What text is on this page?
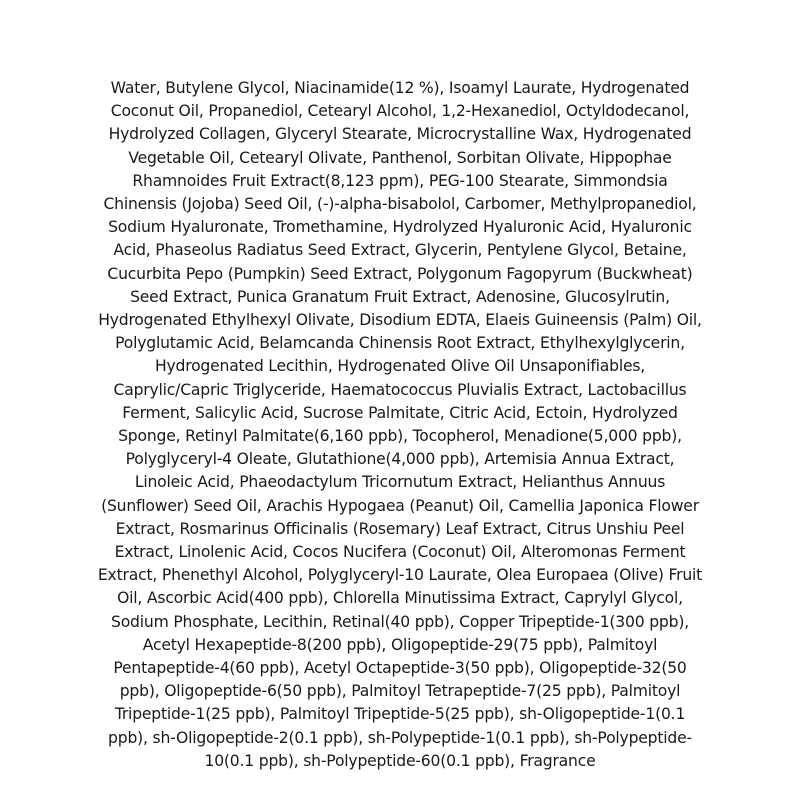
Water, Butylene Glycol, Niacinamide(12 %), Isoamyl Laurate, Hydrogenated
Coconut Oil, Propanediol, Cetearyl Alcohol, 1,2-Hexanediol, Octyldodecanol,
Hydrolyzed Collagen, Glyceryl Stearate, Microcrystalline Wax, Hydrogenated
Vegetable Oil, Cetearyl Olivate, Panthenol, Sorbitan Olivate, Hippophae
Rhamnoides Fruit Extract(8,123 ppm), PEG-100 Stearate, Simmondsia
Chinensis (Jojoba) Seed Oil, (-)-alpha-bisabolol, Carbomer, Methylpropanediol,
Sodium Hyaluronate, Tromethamine, Hydrolyzed Hyaluronic Acid, Hyaluronic
Acid, Phaseolus Radiatus Seed Extract, Glycerin, Pentylene Glycol, Betaine,
Cucurbita Pepo (Pumpkin) Seed Extract, Polygonum Fagopyrum (Buckwheat)
Seed Extract, Punica Granatum Fruit Extract, Adenosine, Glucosylrutin,
Hydrogenated Ethylhexyl Olivate, Disodium EDTA, Elaeis Guineensis (Palm) Oil,
Polyglutamic Acid, Belamcanda Chinensis Root Extract, Ethylhexylglycerin,
Hydrogenated Lecithin, Hydrogenated Olive Oil Unsaponifiables,
Caprylic/Capric Triglyceride, Haematococcus Pluvialis Extract, Lactobacillus
Ferment, Salicylic Acid, Sucrose Palmitate, Citric Acid, Ectoin, Hydrolyzed
Sponge, Retinyl Palmitate(6,160 ppb), Tocopherol, Menadione(5,000 ppb),
Polyglyceryl-4 Oleate, Glutathione(4,000 ppb), Artemisia Annua Extract,
Linoleic Acid, Phaeodactylum Tricornutum Extract, Helianthus Annuus
(Sunflower) Seed Oil, Arachis Hypogaea (Peanut) Oil, Camellia Japonica Flower
Extract, Rosmarinus Officinalis (Rosemary) Leaf Extract, Citrus Unshiu Peel
Extract, Linolenic Acid, Cocos Nucifera (Coconut) Oil, Alteromonas Ferment
Extract, Phenethyl Alcohol, Polyglyceryl-10 Laurate, Olea Europaea (Olive) Fruit
Oil, Ascorbic Acid(400 ppb), Chlorella Minutissima Extract, Caprylyl Glycol,
Sodium Phosphate, Lecithin, Retinal(40 ppb), Copper Tripeptide-1(300 ppb),
Acetyl Hexapeptide-8(200 ppb), Oligopeptide-29(75 ppb), Palmitoyl
Pentapeptide-4(60 ppb), Acetyl Octapeptide-3(50 ppb), Oligopeptide-32(50
ppb), Oligopeptide-6(50 ppb), Palmitoyl Tetrapeptide-7(25 ppb), Palmitoyl
Tripeptide-1(25 ppb), Palmitoyl Tripeptide-5(25 ppb), sh-Oligopeptide-1(0.1
ppb), sh-Oligopeptide-2(0.1 ppb), sh-Polypeptide-1(0.1 ppb), sh-Polypeptide-
10(0.1 ppb), sh-Polypeptide-60(0.1 ppb), Fragrance
